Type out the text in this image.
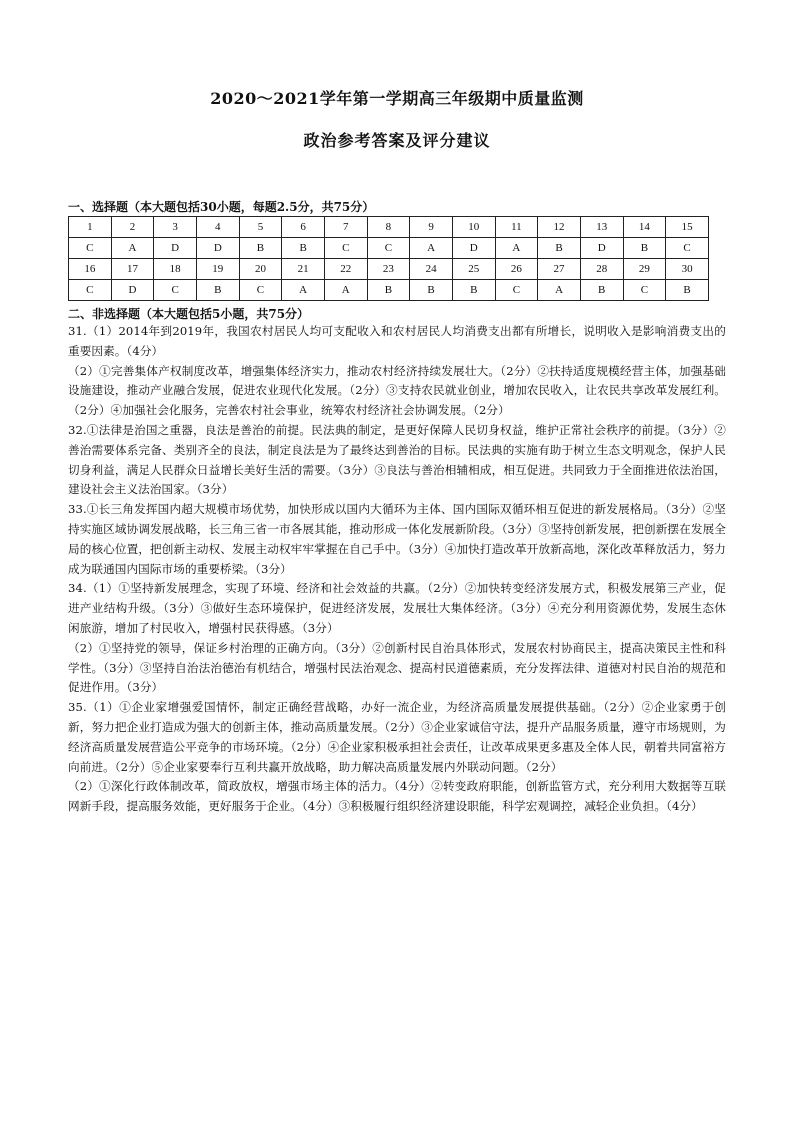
2020～2021学年第一学期高三年级期中质量监测
政治参考答案及评分建议
一、选择题（本大题包括30小题，每题2.5分，共75分）
1	2	3	4	5	6	7	8	9	10	11	12	13	14	15
C	A	D	D	B	B	C	C	A	D	A	B	D	B	C
16	17	18	19	20	21	22	23	24	25	26	27	28	29	30
C	D	C	B	C	A	A	B	B	B	C	A	B	C	B
二、非选择题（本大题包括5小题，共75分）

31.（1）2014年到2019年，我国农村居民人均可支配收入和农村居民人均消费支出都有所增长，说明收入是影响消费支出的重要因素。（4分）

（2）①完善集体产权制度改革，增强集体经济实力，推动农村经济持续发展壮大。（2分）②扶持适度规模经营主体，加强基础设施建设，推动产业融合发展，促进农业现代化发展。（2分）③支持农民就业创业，增加农民收入，让农民共享改革发展红利。（2分）④加强社会化服务，完善农村社会事业，统筹农村经济社会协调发展。（2分）

32.①法律是治国之重器，良法是善治的前提。民法典的制定，是更好保障人民切身权益，维护正常社会秩序的前提。（3分）②善治需要体系完备、类别齐全的良法，制定良法是为了最终达到善治的目标。民法典的实施有助于树立生态文明观念，保护人民切身利益，满足人民群众日益增长美好生活的需要。（3分）③良法与善治相辅相成，相互促进。共同致力于全面推进依法治国，建设社会主义法治国家。（3分）

33.①长三角发挥国内超大规模市场优势，加快形成以国内大循环为主体、国内国际双循环相互促进的新发展格局。（3分）②坚持实施区域协调发展战略，长三角三省一市各展其能，推动形成一体化发展新阶段。（3分）③坚持创新发展，把创新摆在发展全局的核心位置，把创新主动权、发展主动权牢牢掌握在自己手中。（3分）④加快打造改革开放新高地，深化改革释放活力，努力成为联通国内国际市场的重要桥梁。（3分）

34.（1）①坚持新发展理念，实现了环境、经济和社会效益的共赢。（2分）②加快转变经济发展方式，积极发展第三产业，促进产业结构升级。（3分）③做好生态环境保护，促进经济发展，发展壮大集体经济。（3分）④充分利用资源优势，发展生态休闲旅游，增加了村民收入，增强村民获得感。（3分）

（2）①坚持党的领导，保证乡村治理的正确方向。（3分）②创新村民自治具体形式，发展农村协商民主，提高决策民主性和科学性。（3分）③坚持自治法治德治有机结合，增强村民法治观念、提高村民道德素质，充分发挥法律、道德对村民自治的规范和促进作用。（3分）

35.（1）①企业家增强爱国情怀，制定正确经营战略，办好一流企业，为经济高质量发展提供基础。（2分）②企业家勇于创新，努力把企业打造成为强大的创新主体，推动高质量发展。（2分）③企业家诚信守法，提升产品服务质量，遵守市场规则，为经济高质量发展营造公平竞争的市场环境。（2分）④企业家积极承担社会责任，让改革成果更多惠及全体人民，朝着共同富裕方向前进。（2分）⑤企业家要奉行互利共赢开放战略，助力解决高质量发展内外联动问题。（2分）

（2）①深化行政体制改革，简政放权，增强市场主体的活力。（4分）②转变政府职能，创新监管方式，充分利用大数据等互联网新手段，提高服务效能，更好服务于企业。（4分）③积极履行组织经济建设职能，科学宏观调控，减轻企业负担。（4分）
